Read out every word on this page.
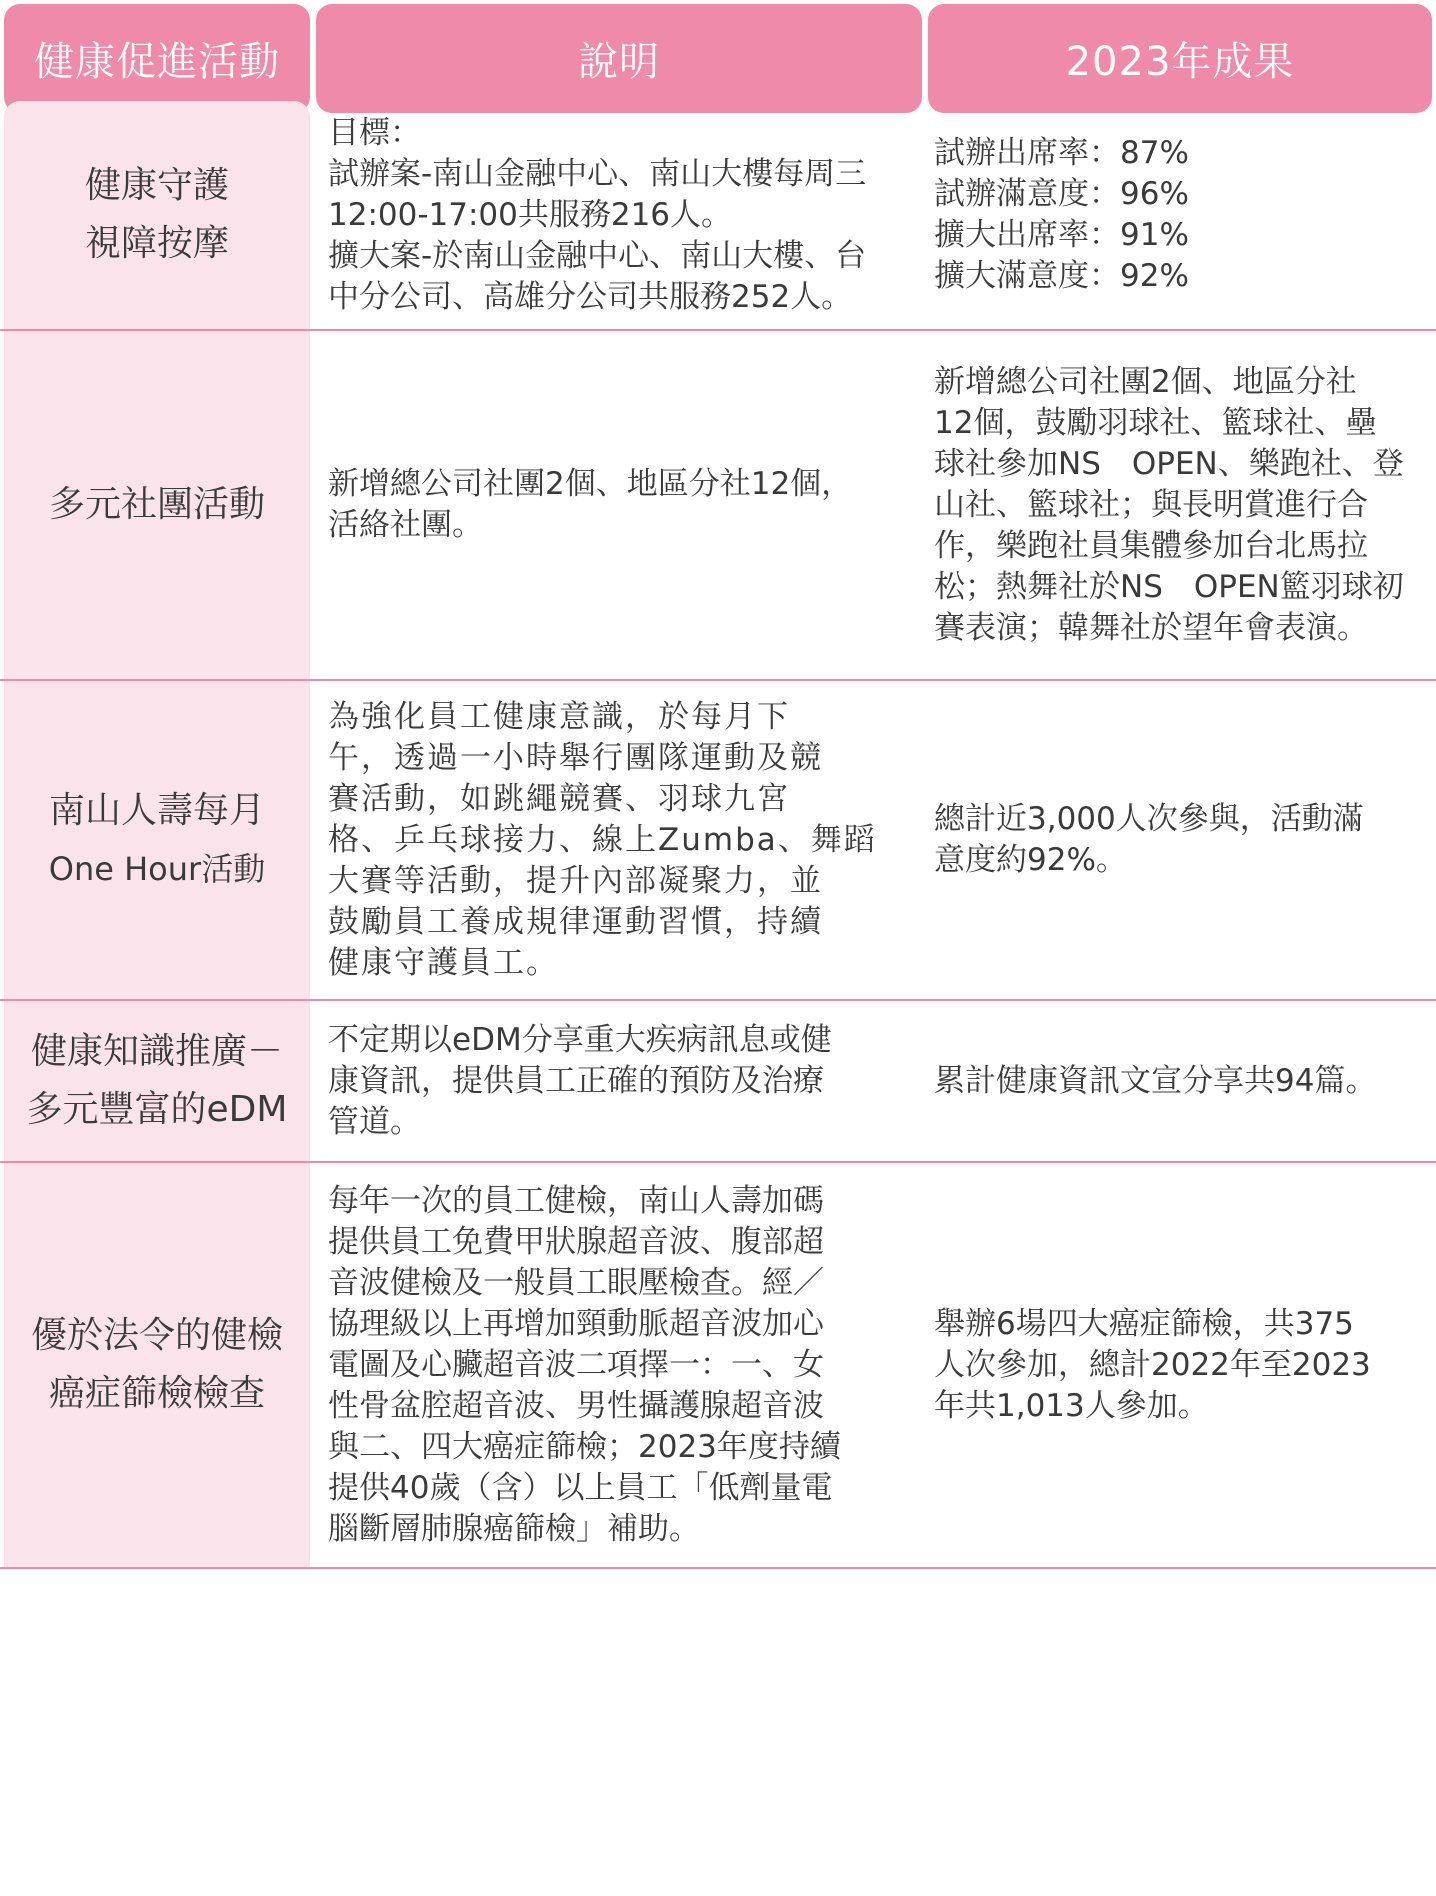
健康促進活動	說明	2023年成果
健康守護
視障按摩
目標：
試辦案-南山金融中心、南山大樓每周三
12:00-17:00共服務216人。
擴大案-於南山金融中心、南山大樓、台
中分公司、高雄分公司共服務252人。
試辦出席率：87%
試辦滿意度：96%
擴大出席率：91%
擴大滿意度：92%
多元社團活動 新增總公司社團2個、地區分社12個，
活絡社團。
新增總公司社團2個、地區分社
12個，鼓勵羽球社、籃球社、壘
球社參加NS　OPEN、樂跑社、登
山社、籃球社；與長明賞進行合
作，樂跑社員集體參加台北馬拉
松；熱舞社於NS　OPEN籃羽球初
賽表演；韓舞社於望年會表演。
南山人壽每月
One Hour活動
為強化員工健康意識，於每月下
午，透過一小時舉行團隊運動及競
賽活動，如跳繩競賽、羽球九宮
格、乒乓球接力、線上Zumba、舞蹈
大賽等活動，提升內部凝聚力，並
鼓勵員工養成規律運動習慣，持續
健康守護員工。
總計近3,000人次參與，活動滿
意度約92%。
健康知識推廣－
多元豐富的eDM
不定期以eDM分享重大疾病訊息或健
康資訊，提供員工正確的預防及治療
管道。
累計健康資訊文宣分享共94篇。
優於法令的健檢
癌症篩檢檢查
每年一次的員工健檢，南山人壽加碼
提供員工免費甲狀腺超音波、腹部超
音波健檢及一般員工眼壓檢查。經／
協理級以上再增加頸動脈超音波加心
電圖及心臟超音波二項擇一：一、女
性骨盆腔超音波、男性攝護腺超音波
與二、四大癌症篩檢；2023年度持續
提供40歲（含）以上員工「低劑量電
腦斷層肺腺癌篩檢」補助。
舉辦6場四大癌症篩檢，共375
人次參加，總計2022年至2023
年共1,013人參加。
